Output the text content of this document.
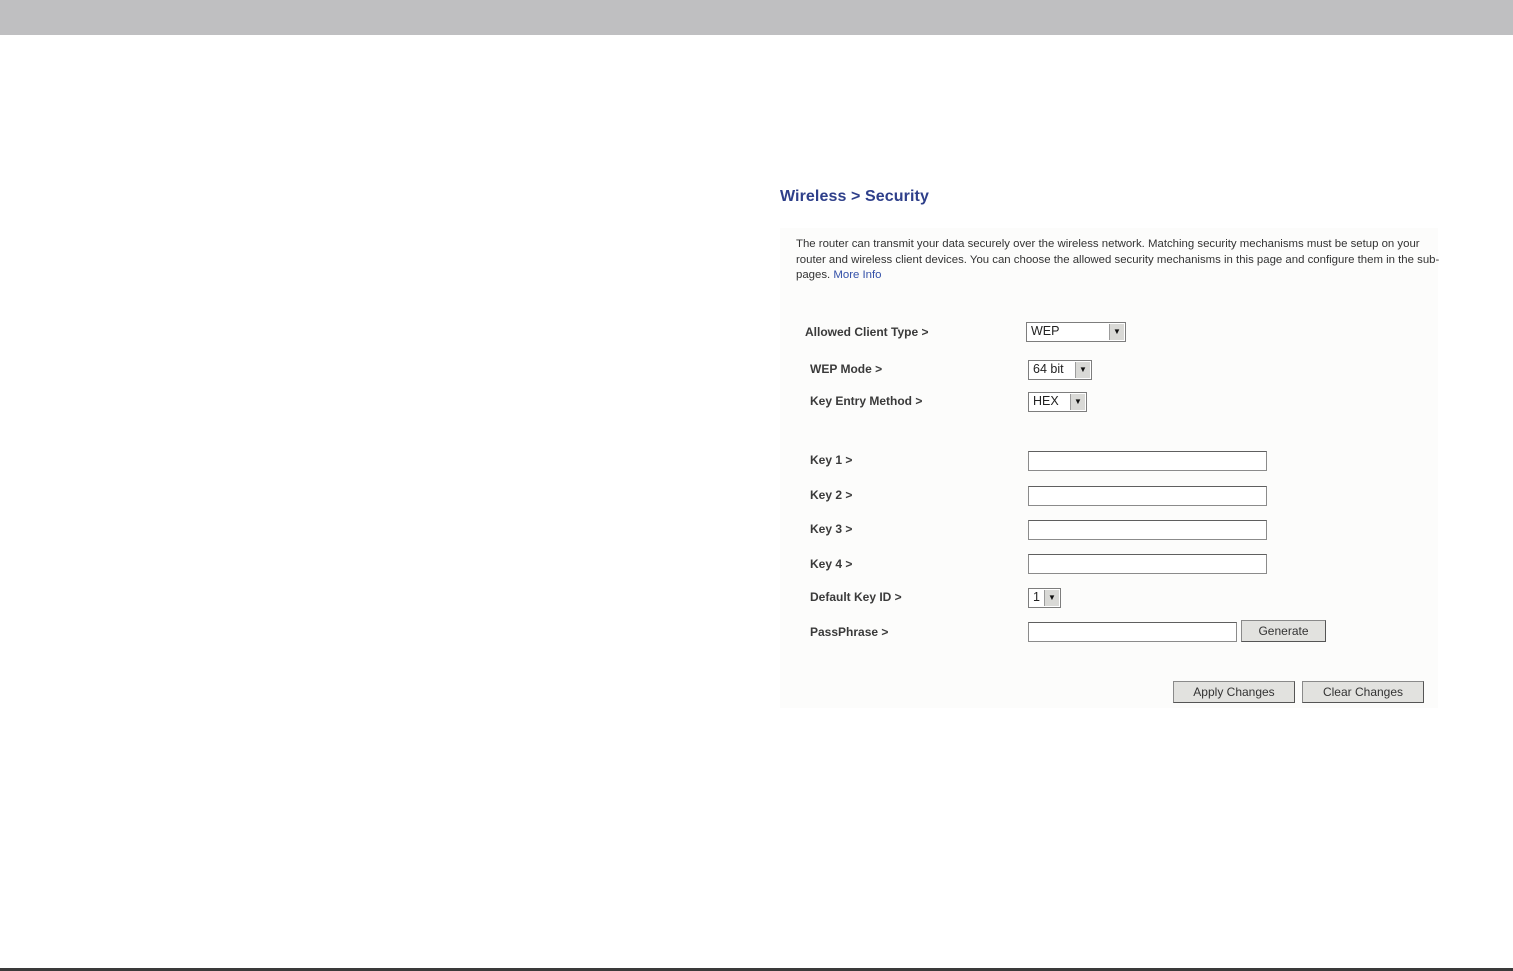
Wireless > Security
The router can transmit your data securely over the wireless network. Matching security mechanisms must be setup on your router and wireless client devices. You can choose the allowed security mechanisms in this page and configure them in the sub-pages. More Info
Allowed Client Type >	WEP	▼
WEP Mode >	64 bit	▼
Key Entry Method >	HEX	▼
Key 1 >
Key 2 >
Key 3 >
Key 4 >
Default Key ID >	1	▼
PassPhrase >	Generate
Apply Changes	Clear Changes
